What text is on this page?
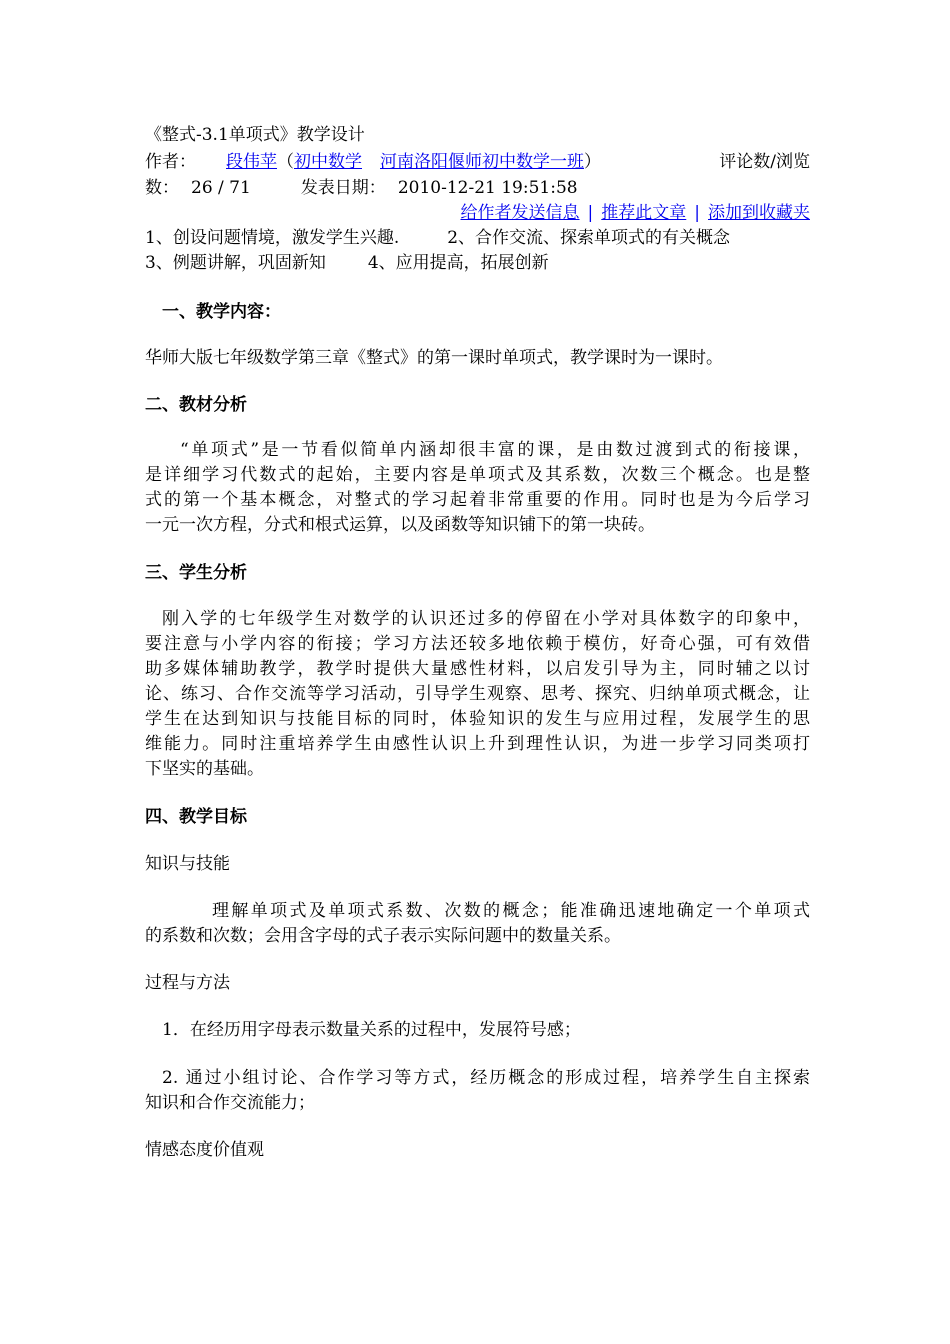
《整式-3.1单项式》教学设计
作者： 段伟苹（初中数学 河南洛阳偃师初中数学一班）	评论数/浏览
数： 26 / 71	发表日期： 2010-12-21 19:51:58
给作者发送信息 | 推荐此文章 | 添加到收藏夹
1、创设问题情境，激发学生兴趣.	2、合作交流、探索单项式的有关概念
3、例题讲解，巩固新知 4、应用提高，拓展创新
一、教学内容：
华师大版七年级数学第三章《整式》的第一课时单项式，教学课时为一课时。
二、教材分析
“单项式”是一节看似简单内涵却很丰富的课，是由数过渡到式的衔接课，
是详细学习代数式的起始，主要内容是单项式及其系数，次数三个概念。也是整
式的第一个基本概念，对整式的学习起着非常重要的作用。同时也是为今后学习
一元一次方程，分式和根式运算，以及函数等知识铺下的第一块砖。
三、学生分析
刚入学的七年级学生对数学的认识还过多的停留在小学对具体数字的印象中，
要注意与小学内容的衔接；学习方法还较多地依赖于模仿，好奇心强，可有效借
助多媒体辅助教学，教学时提供大量感性材料，以启发引导为主，同时辅之以讨
论、练习、合作交流等学习活动，引导学生观察、思考、探究、归纳单项式概念，让
学生在达到知识与技能目标的同时，体验知识的发生与应用过程，发展学生的思
维能力。同时注重培养学生由感性认识上升到理性认识，为进一步学习同类项打
下坚实的基础。
四、教学目标
知识与技能
理解单项式及单项式系数、次数的概念；能准确迅速地确定一个单项式
的系数和次数；会用含字母的式子表示实际问题中的数量关系。
过程与方法
1．在经历用字母表示数量关系的过程中，发展符号感；
2. 通过小组讨论、合作学习等方式，经历概念的形成过程，培养学生自主探索
知识和合作交流能力；
情感态度价值观
